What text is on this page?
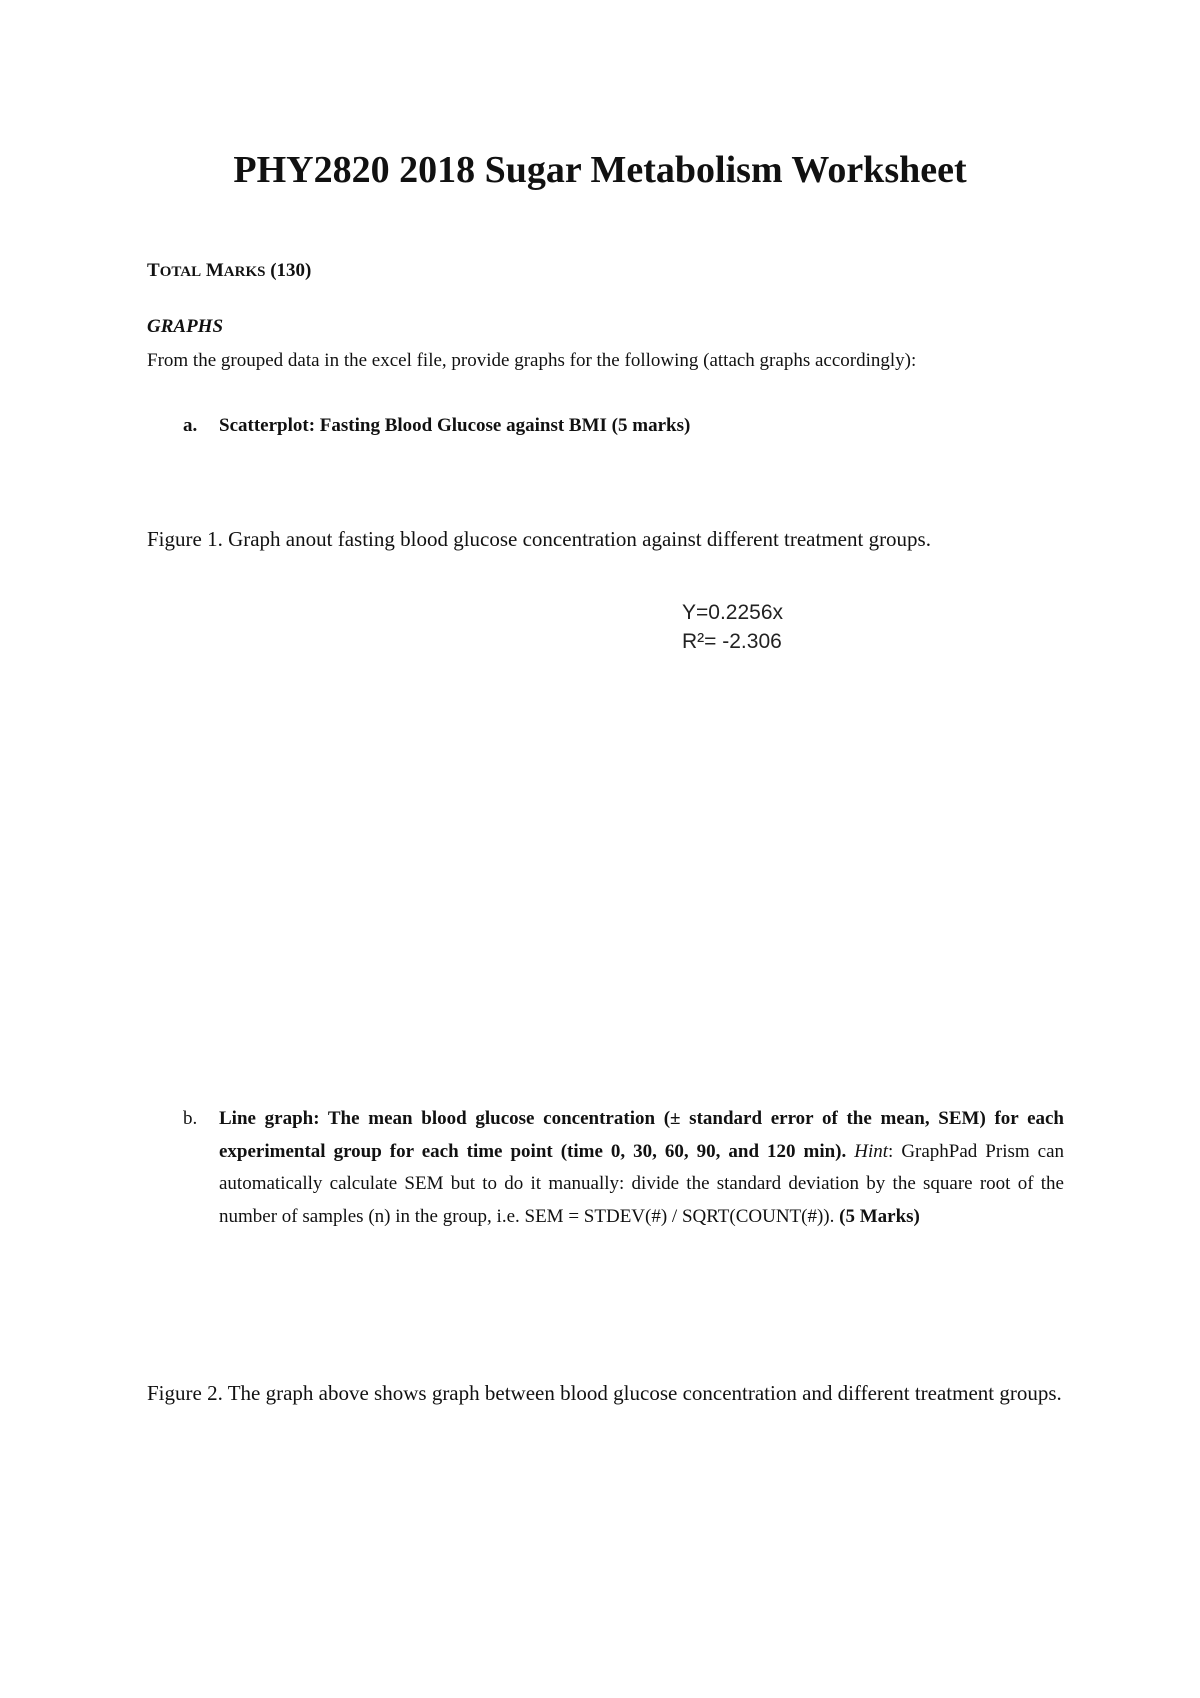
PHY2820 2018 Sugar Metabolism Worksheet
TOTAL MARKS (130)
GRAPHS
From the grouped data in the excel file, provide graphs for the following (attach graphs accordingly):
a. Scatterplot: Fasting Blood Glucose against BMI (5 marks)
Figure 1. Graph anout fasting blood glucose concentration against different treatment groups.
Y=0.2256x
R²= -2.306
b. Line graph: The mean blood glucose concentration (± standard error of the mean, SEM) for each experimental group for each time point (time 0, 30, 60, 90, and 120 min). Hint: GraphPad Prism can automatically calculate SEM but to do it manually: divide the standard deviation by the square root of the number of samples (n) in the group, i.e. SEM = STDEV(#) / SQRT(COUNT(#)). (5 Marks)
Figure 2. The graph above shows graph between blood glucose concentration and different treatment groups.
